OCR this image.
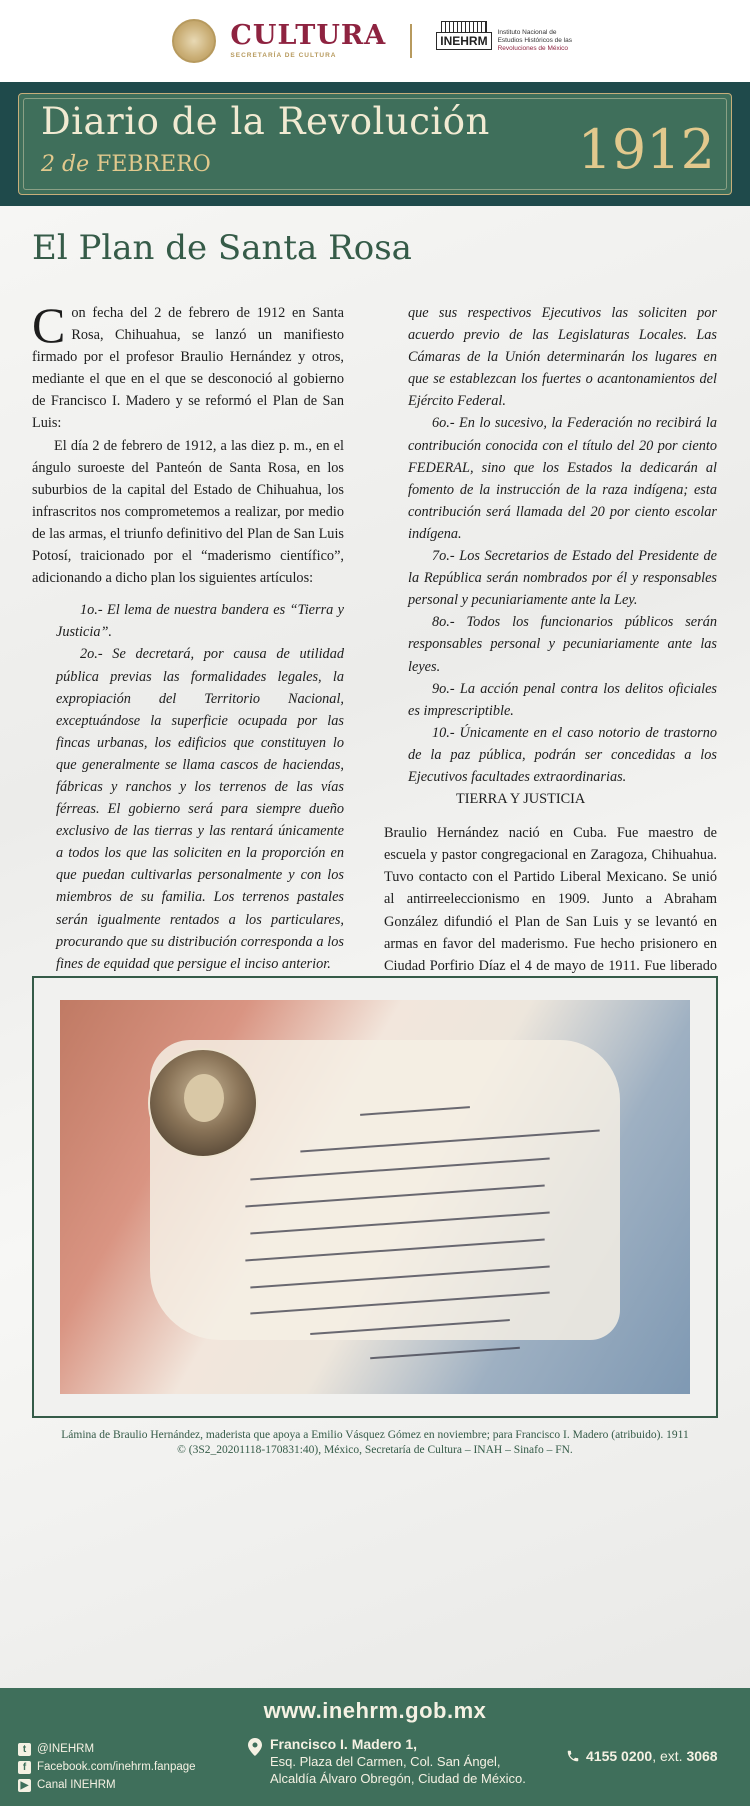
CULTURA
SECRETARÍA DE CULTURA
INEHRM
Instituto Nacional de
Estudios Históricos de las
Revoluciones de México
Diario de la Revolución
2 de FEBRERO	1912
El Plan de Santa Rosa

Con fecha del 2 de febrero de 1912 en Santa Rosa, Chihuahua, se lanzó un manifiesto firmado por el profesor Braulio Hernández y otros, mediante el que en el que se desconoció al gobierno de Francisco I. Madero y se reformó el Plan de San Luis:

El día 2 de febrero de 1912, a las diez p. m., en el ángulo suroeste del Panteón de Santa Rosa, en los suburbios de la capital del Estado de Chihuahua, los infrascritos nos comprometemos a realizar, por medio de las armas, el triunfo definitivo del Plan de San Luis Potosí, traicionado por el “maderismo científico”, adicionando a dicho plan los siguientes artículos:

1o.- El lema de nuestra bandera es “Tierra y Justicia”.

2o.- Se decretará, por causa de utilidad pública previas las formalidades legales, la expropiación del Territorio Nacional, exceptuándose la superficie ocupada por las fincas urbanas, los edificios que constituyen lo que generalmente se llama cascos de haciendas, fábricas y ranchos y los terrenos de las vías férreas. El gobierno será para siempre dueño exclusivo de las tierras y las rentará únicamente a todos los que las soliciten en la proporción en que puedan cultivarlas personalmente y con los miembros de su familia. Los terrenos pastales serán igualmente rentados a los particulares, procurando que su distribución corresponda a los fines de equidad que persigue el inciso anterior.

que sus respectivos Ejecutivos las soliciten por acuerdo previo de las Legislaturas Locales. Las Cámaras de la Unión determinarán los lugares en que se establezcan los fuertes o acantonamientos del Ejército Federal.

6o.- En lo sucesivo, la Federación no recibirá la contribución conocida con el título del 20 por ciento FEDERAL, sino que los Estados la dedicarán al fomento de la instrucción de la raza indígena; esta contribución será llamada del 20 por ciento escolar indígena.

7o.- Los Secretarios de Estado del Presidente de la República serán nombrados por él y responsables personal y pecuniariamente ante la Ley.

8o.- Todos los funcionarios públicos serán responsables personal y pecuniariamente ante las leyes.

9o.- La acción penal contra los delitos oficiales es imprescriptible.

10.- Únicamente en el caso notorio de trastorno de la paz pública, podrán ser concedidas a los Ejecutivos facultades extraordinarias.

TIERRA Y JUSTICIA

Braulio Hernández nació en Cuba. Fue maestro de escuela y pastor congregacional en Zaragoza, Chihuahua. Tuvo contacto con el Partido Liberal Mexicano. Se unió al antirreeleccionismo en 1909. Junto a Abraham González difundió el Plan de San Luis y se levantó en armas en favor del maderismo. Fue hecho prisionero en Ciudad Porfirio Díaz el 4 de mayo de 1911. Fue liberado

Lámina de Braulio Hernández, maderista que apoya a Emilio Vásquez Gómez en noviembre; para Francisco I. Madero (atribuido). 1911
© (3S2_20201118-170831:40), México, Secretaría de Cultura – INAH – Sinafo – FN.
www.inehrm.gob.mx
t @INEHRM
f Facebook.com/inehrm.fanpage
▶ Canal INEHRM
Francisco I. Madero 1,
Esq. Plaza del Carmen, Col. San Ángel,
Alcaldía Álvaro Obregón, Ciudad de México.
4155 0200, ext. 3068
